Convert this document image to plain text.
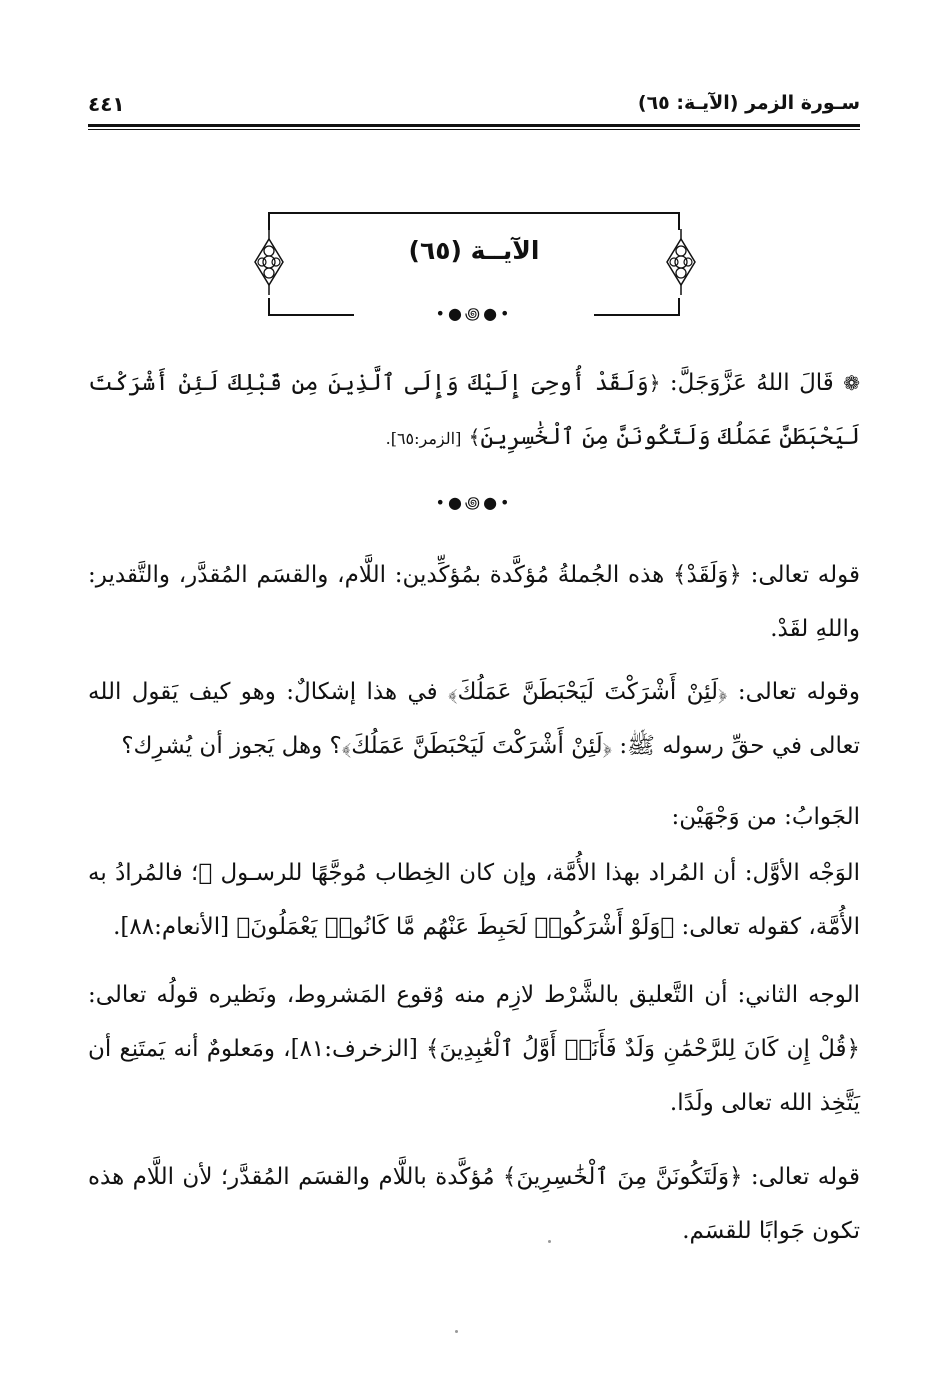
سـورة الزمر (الآيـة: ٦٥)
٤٤١
الآيــة (٦٥)
•●꩜●•
❁ قَالَ اللهُ عَزَّوَجَلَّ: ﴿وَلَقَدْ أُوحِىَ إِلَيْكَ وَإِلَى ٱلَّذِينَ مِن قَبْلِكَ لَئِنْ أَشْرَكْتَ لَيَحْبَطَنَّ عَمَلُكَ وَلَتَكُونَنَّ مِنَ ٱلْخَٰسِرِينَ﴾ [الزمر:٦٥].
•●꩜●•
قوله تعالى: ﴿وَلَقَدْ﴾ هذه الجُملةُ مُؤكَّدة بمُؤكِّدين: اللَّام، والقسَم المُقدَّر، والتَّقدير: واللهِ لقَدْ.
وقوله تعالى: ﴿لَئِنْ أَشْرَكْتَ لَيَحْبَطَنَّ عَمَلُكَ﴾ في هذا إشكالٌ: وهو كيف يَقول الله تعالى في حقِّ رسوله ﷺ: ﴿لَئِنْ أَشْرَكْتَ لَيَحْبَطَنَّ عَمَلُكَ﴾؟ وهل يَجوز أن يُشرِك؟
الجَوابُ: من وَجْهَيْن:
الوَجْه الأوَّل: أن المُراد بهذا الأُمَّة، وإن كان الخِطاب مُوجَّهًا للرسـول ﷺ؛ فالمُرادُ به الأُمَّة، كقوله تعالى: ﴿وَلَوْ أَشْرَكُوا۟ لَحَبِطَ عَنْهُم مَّا كَانُوا۟ يَعْمَلُونَ﴾ [الأنعام:٨٨].
الوجه الثاني: أن التَّعليق بالشَّرْط لازِم منه وُقوع المَشروط، ونَظيره قولُه تعالى: ﴿قُلْ إِن كَانَ لِلرَّحْمَٰنِ وَلَدٌ فَأَنَا۠ أَوَّلُ ٱلْعَٰبِدِينَ﴾ [الزخرف:٨١]، ومَعلومٌ أنه يَمتَنِع أن يَتَّخِذ الله تعالى ولَدًا.
قوله تعالى: ﴿وَلَتَكُونَنَّ مِنَ ٱلْخَٰسِرِينَ﴾ مُؤكَّدة باللَّام والقسَم المُقدَّر؛ لأن اللَّام هذه تكون جَوابًا للقسَم.
